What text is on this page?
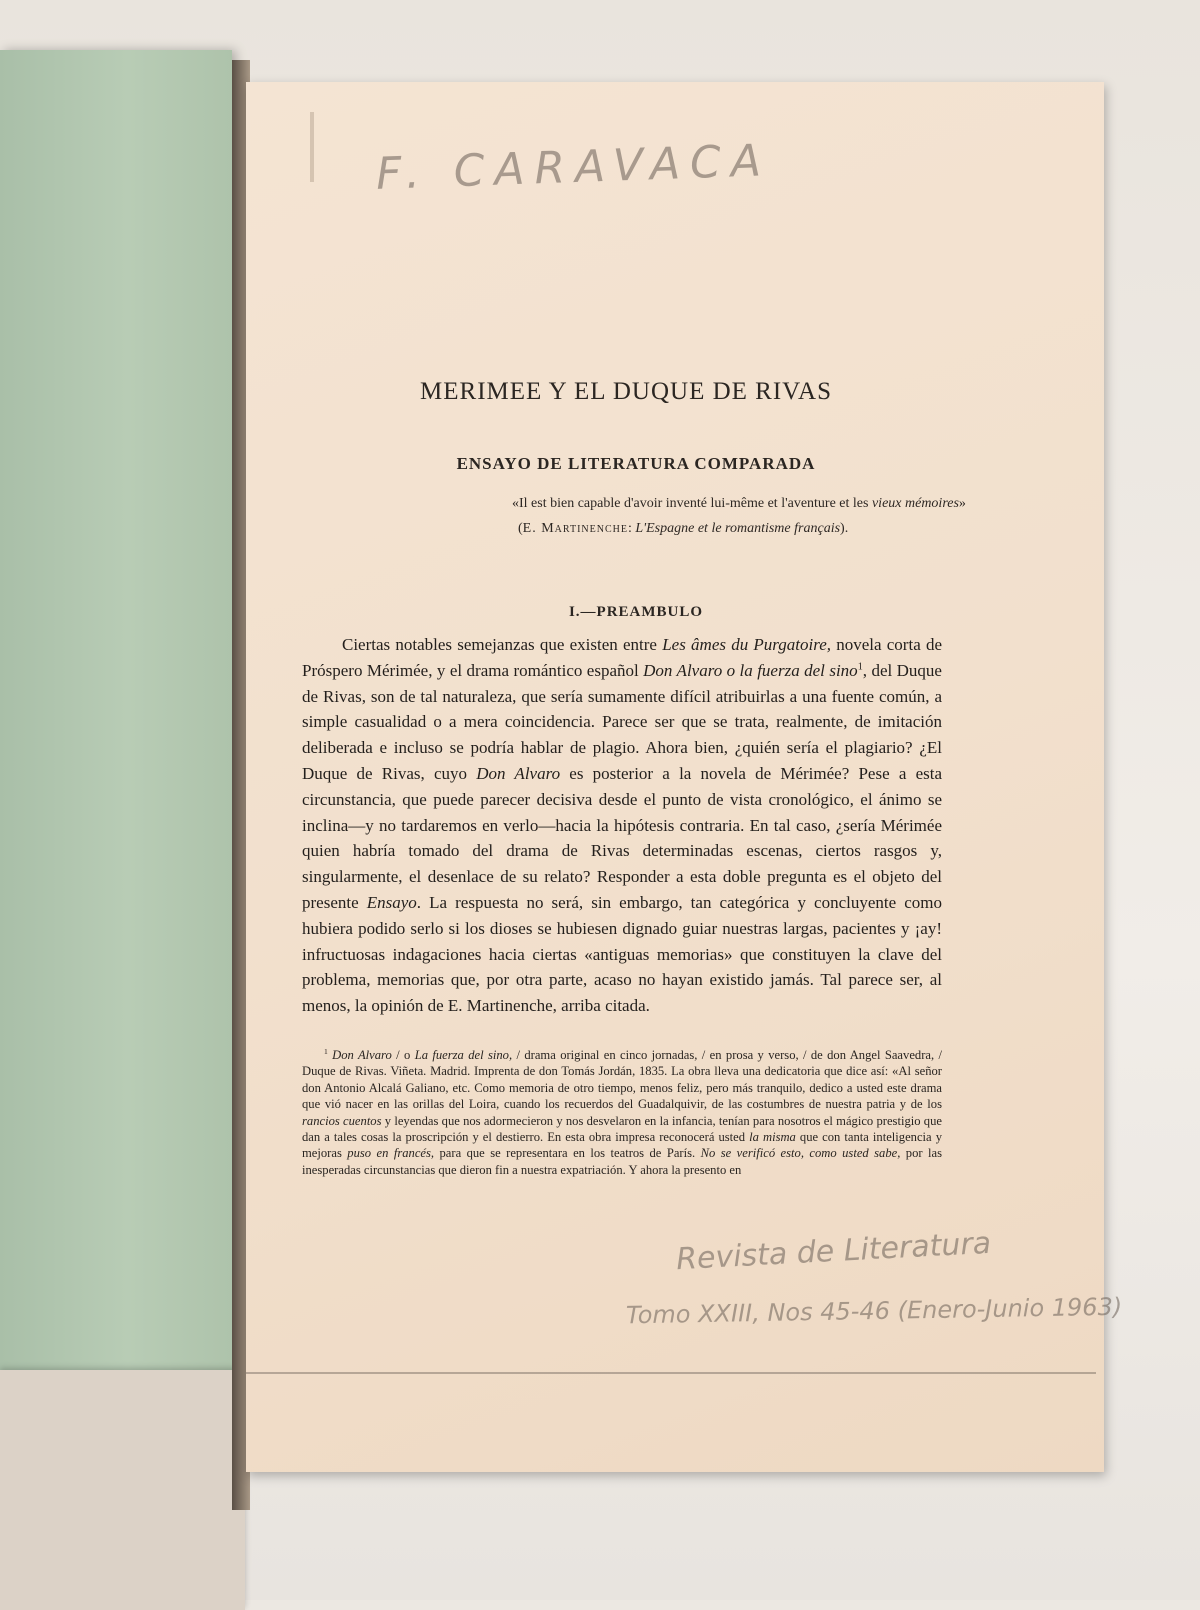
F. CARAVACA
MERIMEE Y EL DUQUE DE RIVAS
ENSAYO DE LITERATURA COMPARADA

«Il est bien capable d'avoir inventé lui-même et l'aventure et les vieux mémoires»

(E. Martinenche: L'Espagne et le romantisme français).

I.—PREAMBULO

Ciertas notables semejanzas que existen entre Les âmes du Purgatoire, novela corta de Próspero Mérimée, y el drama romántico español Don Alvaro o la fuerza del sino$^1$, del Duque de Rivas, son de tal naturaleza, que sería sumamente difícil atribuirlas a una fuente común, a simple casualidad o a mera coincidencia. Parece ser que se trata, realmente, de imitación deliberada e incluso se podría hablar de plagio. Ahora bien, ¿quién sería el plagiario? ¿El Duque de Rivas, cuyo Don Alvaro es posterior a la novela de Mérimée? Pese a esta circunstancia, que puede parecer decisiva desde el punto de vista cronológico, el ánimo se inclina—y no tardaremos en verlo—hacia la hipótesis contraria. En tal caso, ¿sería Mérimée quien habría tomado del drama de Rivas determinadas escenas, ciertos rasgos y, singularmente, el desenlace de su relato? Responder a esta doble pregunta es el objeto del presente Ensayo. La respuesta no será, sin embargo, tan categórica y concluyente como hubiera podido serlo si los dioses se hubiesen dignado guiar nuestras largas, pacientes y ¡ay! infructuosas indagaciones hacia ciertas «antiguas memorias» que constituyen la clave del problema, memorias que, por otra parte, acaso no hayan existido jamás. Tal parece ser, al menos, la opinión de E. Martinenche, arriba citada.

$^1$ Don Alvaro / o La fuerza del sino, / drama original en cinco jornadas, / en prosa y verso, / de don Angel Saavedra, / Duque de Rivas. Viñeta. Madrid. Imprenta de don Tomás Jordán, 1835. La obra lleva una dedicatoria que dice así: «Al señor don Antonio Alcalá Galiano, etc. Como memoria de otro tiempo, menos feliz, pero más tranquilo, dedico a usted este drama que vió nacer en las orillas del Loira, cuando los recuerdos del Guadalquivir, de las costumbres de nuestra patria y de los rancios cuentos y leyendas que nos adormecieron y nos desvelaron en la infancia, tenían para nosotros el mágico prestigio que dan a tales cosas la proscripción y el destierro. En esta obra impresa reconocerá usted la misma que con tanta inteligencia y mejoras puso en francés, para que se representara en los teatros de París. No se verificó esto, como usted sabe, por las inesperadas circunstancias que dieron fin a nuestra expatriación. Y ahora la presento en

Revista de Literatura
Tomo XXIII, Nos 45-46 (Enero-Junio 1963)
